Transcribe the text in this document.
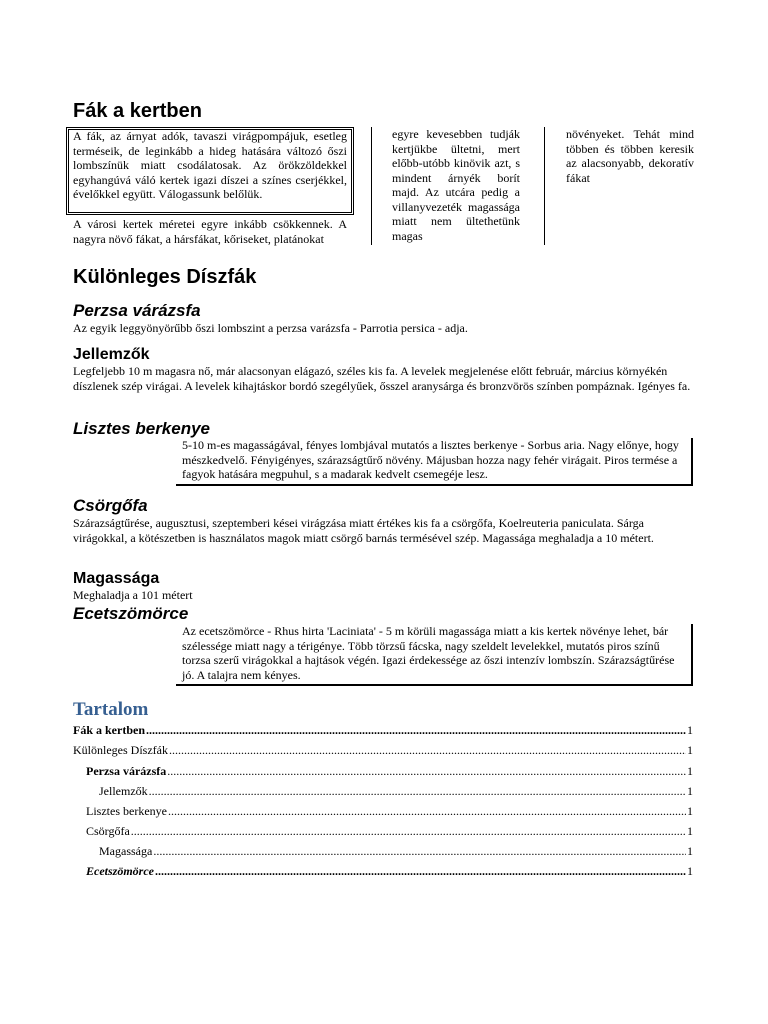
Fák a kertben

A fák, az árnyat adók, tavaszi virágpompájuk, esetleg terméseik, de leginkább a hideg hatására változó őszi lombszínük miatt csodálatosak. Az örökzöldekkel egyhangúvá váló kertek igazi díszei a színes cserjékkel, évelőkkel együtt. Válogassunk belőlük.

A városi kertek méretei egyre inkább csökkennek. A nagyra növő fákat, a hársfákat, kőriseket, platánokat

egyre kevesebben tudják kertjükbe ültetni, mert előbb-utóbb kinövik azt, s mindent árnyék borít majd. Az utcára pedig a villanyvezeték magassága miatt nem ültethetünk magas

növényeket. Tehát mind többen és többen keresik az alacsonyabb, dekoratív fákat

Különleges Díszfák
Perzsa várázsfa

Az egyik leggyönyörűbb őszi lombszint a perzsa varázsfa - Parrotia persica - adja.

Jellemzők

Legfeljebb 10 m magasra nő, már alacsonyan elágazó, széles kis fa. A levelek megjelenése előtt február, március környékén díszlenek szép virágai. A levelek kihajtáskor bordó szegélyűek, ősszel aranysárga és bronzvörös színben pompáznak. Igényes fa.

Lisztes berkenye
5-10 m-es magasságával, fényes lombjával mutatós a lisztes berkenye - Sorbus aria. Nagy előnye, hogy mészkedvelő. Fényigényes, szárazságtűrő növény. Májusban hozza nagy fehér virágait. Piros termése a fagyok hatására megpuhul, s a madarak kedvelt csemegéje lesz.
Csörgőfa

Szárazságtűrése, augusztusi, szeptemberi kései virágzása miatt értékes kis fa a csörgőfa, Koelreuteria paniculata. Sárga virágokkal, a kötészetben is használatos magok miatt csörgő barnás termésével szép. Magassága meghaladja a 10 métert.

Magassága

Meghaladja a 101 métert

Ecetszömörce
Az ecetszömörce - Rhus hirta 'Laciniata' - 5 m körüli magassága miatt a kis kertek növénye lehet, bár szélessége miatt nagy a térigénye. Több törzsű fácska, nagy szeldelt levelekkel, mutatós piros színű torzsa szerű virágokkal a hajtások végén. Igazi érdekessége az őszi intenzív lombszín. Szárazságtűrése jó. A talajra nem kényes.
Tartalom
Fák a kertben .....	1
Különleges Díszfák .....	1
Perzsa várázsfa .....	1
Jellemzők .....	1
Lisztes berkenye .....	1
Csörgőfa .....	1
Magassága .....	1
Ecetszömörce .....	1
